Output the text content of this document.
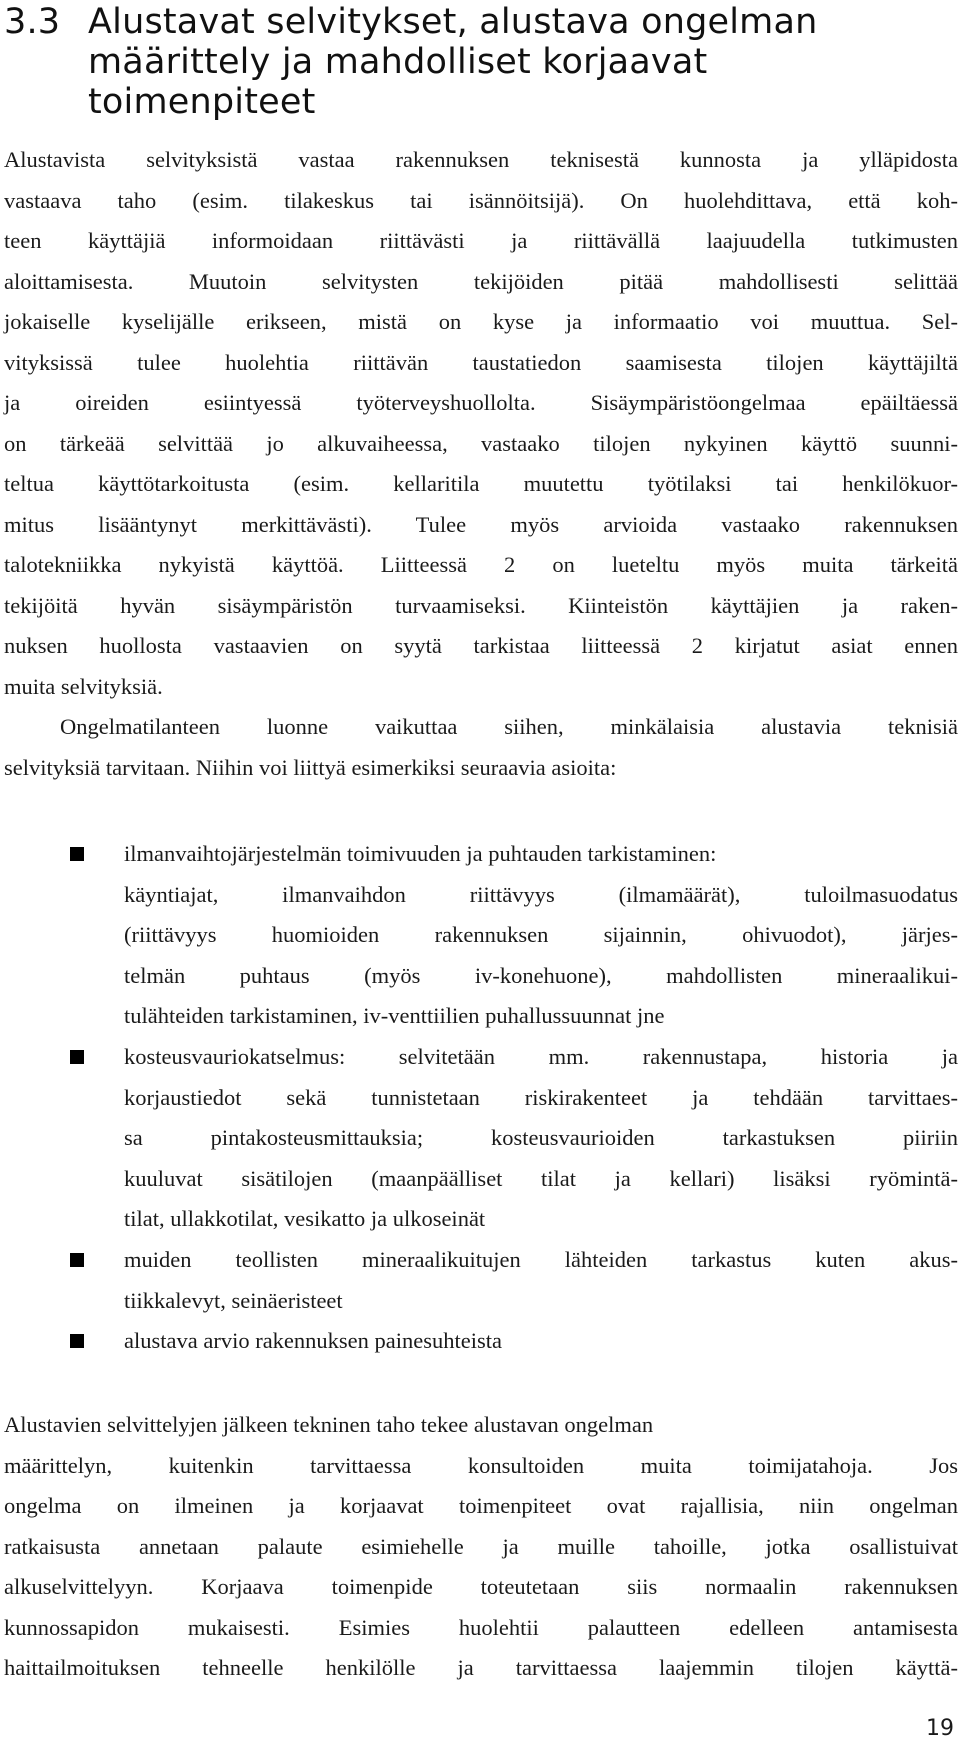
3.3 Alustavat selvitykset, alustava ongelman
määrittely ja mahdolliset korjaavat
toimenpiteet
Alustavista selvityksistä vastaa rakennuksen teknisestä kunnosta ja ylläpidosta
vastaava taho (esim. tilakeskus tai isännöitsijä). On huolehdittava, että koh-
teen käyttäjiä informoidaan riittävästi ja riittävällä laajuudella tutkimusten
aloittamisesta. Muutoin selvitysten tekijöiden pitää mahdollisesti selittää
jokaiselle kyselijälle erikseen, mistä on kyse ja informaatio voi muuttua. Sel-
vityksissä tulee huolehtia riittävän taustatiedon saamisesta tilojen käyttäjiltä
ja oireiden esiintyessä työterveyshuollolta. Sisäympäristöongelmaa epäiltäessä
on tärkeää selvittää jo alkuvaiheessa, vastaako tilojen nykyinen käyttö suunni-
teltua käyttötarkoitusta (esim. kellaritila muutettu työtilaksi tai henkilökuor-
mitus lisääntynyt merkittävästi). Tulee myös arvioida vastaako rakennuksen
talotekniikka nykyistä käyttöä. Liitteessä 2 on lueteltu myös muita tärkeitä
tekijöitä hyvän sisäympäristön turvaamiseksi. Kiinteistön käyttäjien ja raken-
nuksen huollosta vastaavien on syytä tarkistaa liitteessä 2 kirjatut asiat ennen
muita selvityksiä.
Ongelmatilanteen luonne vaikuttaa siihen, minkälaisia alustavia teknisiä
selvityksiä tarvitaan. Niihin voi liittyä esimerkiksi seuraavia asioita:
ilmanvaihtojärjestelmän toimivuuden ja puhtauden tarkistaminen:
käyntiajat, ilmanvaihdon riittävyys (ilmamäärät), tuloilmasuodatus
(riittävyys huomioiden rakennuksen sijainnin, ohivuodot), järjes-
telmän puhtaus (myös iv-konehuone), mahdollisten mineraalikui-
tulähteiden tarkistaminen, iv-venttiilien puhallussuunnat jne
kosteusvauriokatselmus: selvitetään mm. rakennustapa, historia ja
korjaustiedot sekä tunnistetaan riskirakenteet ja tehdään tarvittaes-
sa pintakosteusmittauksia; kosteusvaurioiden tarkastuksen piiriin
kuuluvat sisätilojen (maanpäälliset tilat ja kellari) lisäksi ryömintä-
tilat, ullakkotilat, vesikatto ja ulkoseinät
muiden teollisten mineraalikuitujen lähteiden tarkastus kuten akus-
tiikkalevyt, seinäeristeet
alustava arvio rakennuksen painesuhteista
Alustavien selvittelyjen jälkeen tekninen taho tekee alustavan ongelman
määrittelyn, kuitenkin tarvittaessa konsultoiden muita toimijatahoja. Jos
ongelma on ilmeinen ja korjaavat toimenpiteet ovat rajallisia, niin ongelman
ratkaisusta annetaan palaute esimiehelle ja muille tahoille, jotka osallistuivat
alkuselvittelyyn. Korjaava toimenpide toteutetaan siis normaalin rakennuksen
kunnossapidon mukaisesti. Esimies huolehtii palautteen edelleen antamisesta
haittailmoituksen tehneelle henkilölle ja tarvittaessa laajemmin tilojen käyttä-
19
